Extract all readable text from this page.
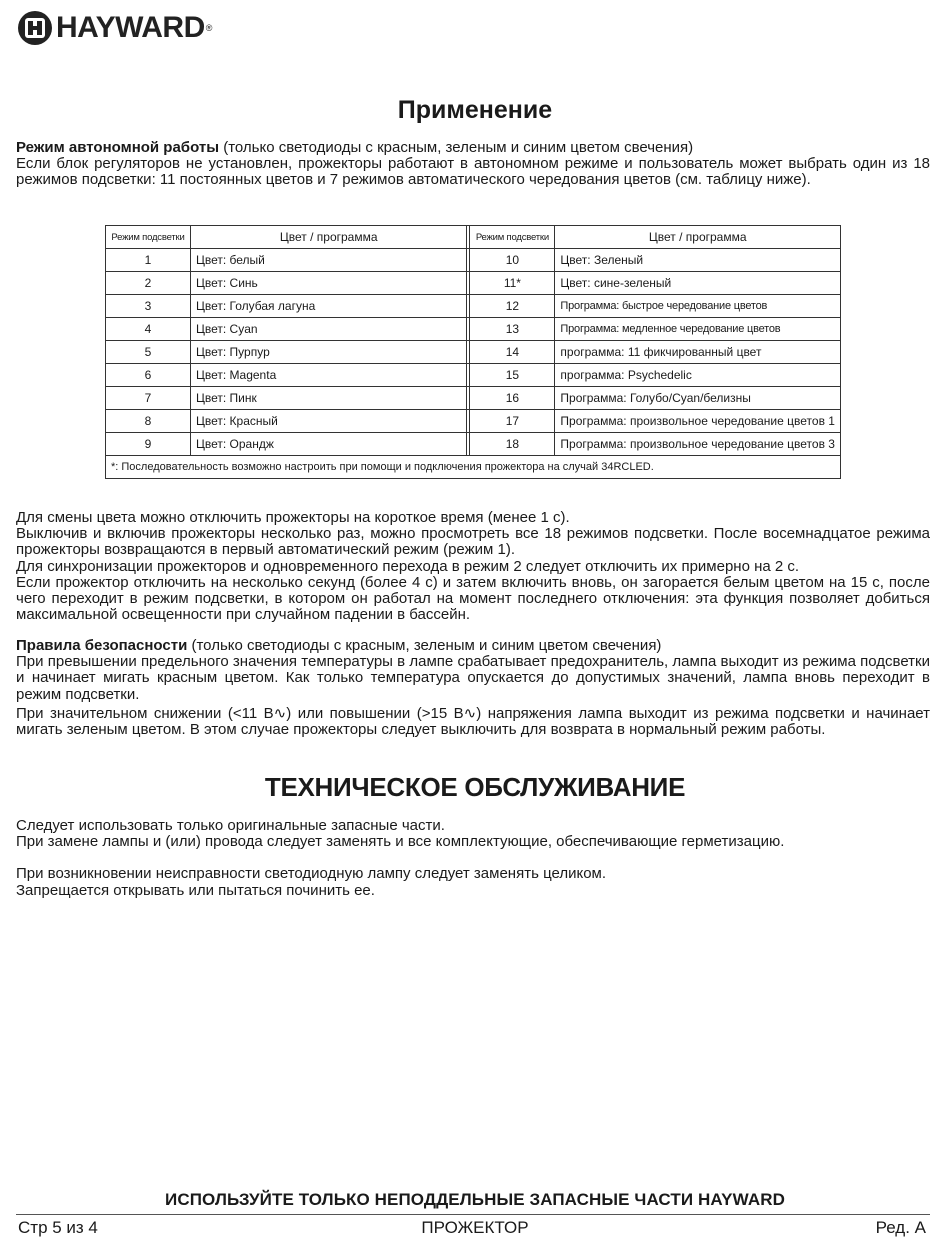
HAYWARD ®
Применение

Режим автономной работы (только светодиоды с красным, зеленым и синим цветом свечения)

Если блок регуляторов не установлен, прожекторы работают в автономном режиме и пользователь может выбрать один из 18 режимов подсветки: 11 постоянных цветов и 7 режимов автоматического чередования цветов (см. таблицу ниже).

Режим подсветки	Цвет / программа		Режим подсветки	Цвет / программа
1	Цвет: белый		10	Цвет: Зеленый
2	Цвет: Синь		11*	Цвет: сине-зеленый
3	Цвет: Голубая лагуна		12	Программа: быстрое чередование цветов
4	Цвет: Cyan		13	Программа: медленное чередование цветов
5	Цвет: Пурпур		14	программа: 11 фикчированный цвет
6	Цвет: Magenta		15	программа: Psychedelic
7	Цвет: Пинк		16	Программа: Голубо/Cyan/белизны
8	Цвет: Красный		17	Программа: произвольное чередование цветов 1
9	Цвет: Орандж		18	Программа: произвольное чередование цветов 3
*: Последовательность возможно настроить при помощи и подключения прожектора на случай 34RCLED.				

Для смены цвета можно отключить прожекторы на короткое время (менее 1 с).

Выключив и включив прожекторы несколько раз, можно просмотреть все 18 режимов подсветки. После восемнадцатое режима прожекторы возвращаются в первый автоматический режим (режим 1).

Для синхронизации прожекторов и одновременного перехода в режим 2 следует отключить их примерно на 2 с.

Если прожектор отключить на несколько секунд (более 4 с) и затем включить вновь, он загорается белым цветом на 15 с, после чего переходит в режим подсветки, в котором он работал на момент последнего отключения: эта функция позволяет добиться максимальной освещенности при случайном падении в бассейн.

Правила безопасности (только светодиоды с красным, зеленым и синим цветом свечения)

При превышении предельного значения температуры в лампе срабатывает предохранитель, лампа выходит из режима подсветки и начинает мигать красным цветом. Как только температура опускается до допустимых значений, лампа вновь переходит в режим подсветки.

При значительном снижении (<11 В∿) или повышении (>15 В∿) напряжения лампа выходит из режима подсветки и начинает мигать зеленым цветом. В этом случае прожекторы следует выключить для возврата в нормальный режим работы.

ТЕХНИЧЕСКОЕ ОБСЛУЖИВАНИЕ

Следует использовать только оригинальные запасные части.

При замене лампы и (или) провода следует заменять и все комплектующие, обеспечивающие герметизацию.

При возникновении неисправности светодиодную лампу следует заменять целиком.

Запрещается открывать или пытаться починить ее.

ИСПОЛЬЗУЙТЕ ТОЛЬКО НЕПОДДЕЛЬНЫЕ ЗАПАСНЫЕ ЧАСТИ HAYWARD
ПРОЖЕКТОР
Стр 5 из 4	Ред. А
